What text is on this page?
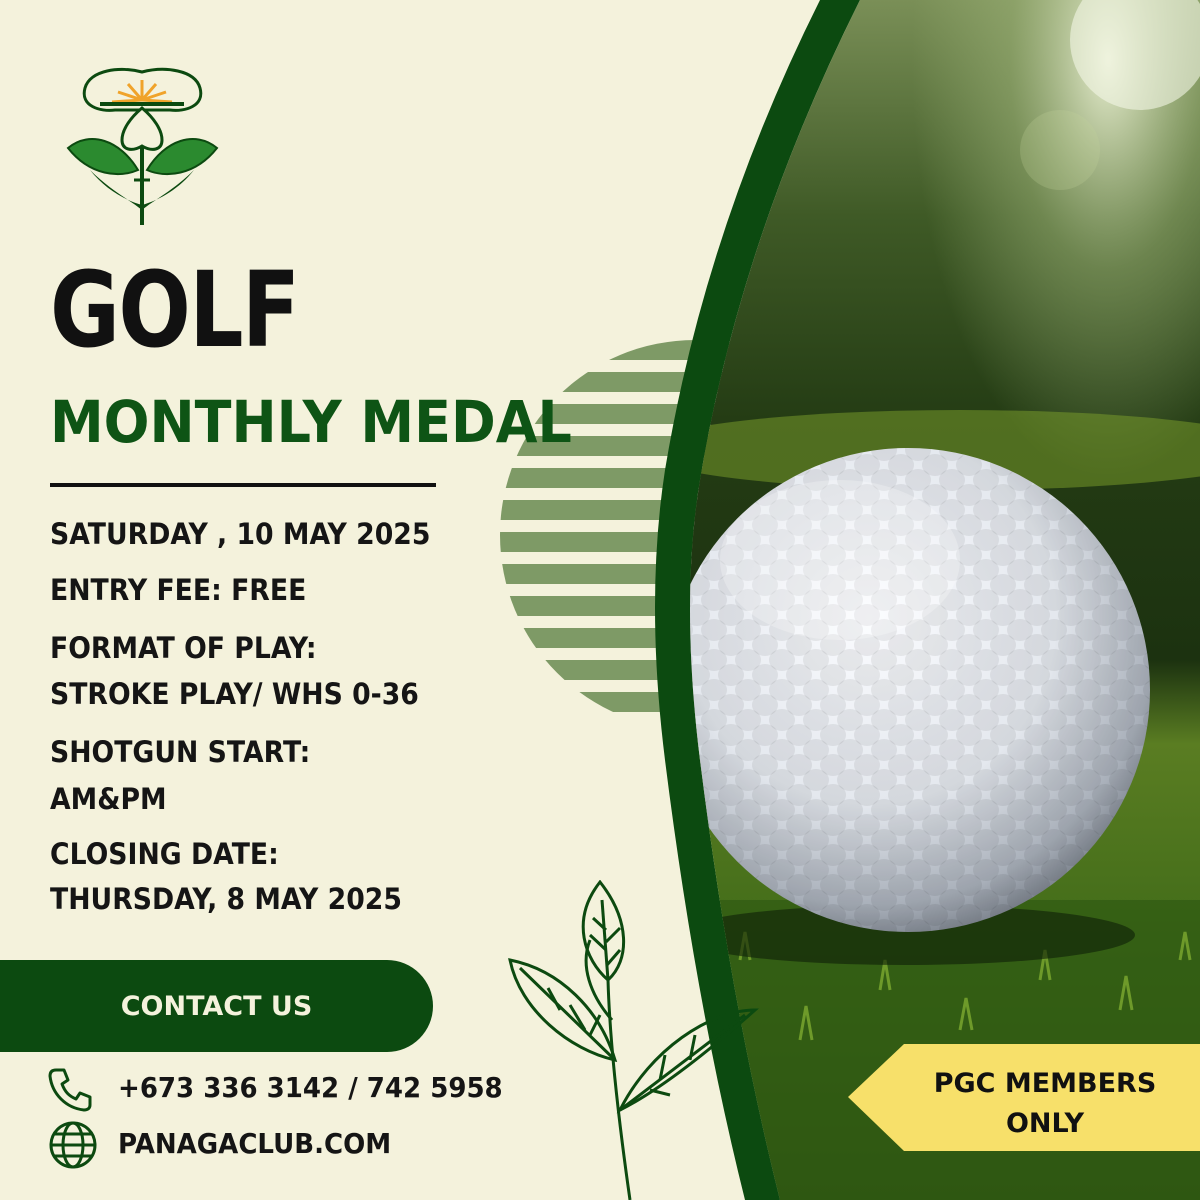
GOLF
MONTHLY MEDAL
SATURDAY , 10 MAY 2025
ENTRY FEE: FREE
FORMAT OF PLAY:
STROKE PLAY/ WHS 0-36
SHOTGUN START:
AM&PM
CLOSING DATE:
THURSDAY, 8 MAY 2025
CONTACT US
+673 336 3142 / 742 5958
PANAGACLUB.COM
PGC MEMBERS
ONLY
